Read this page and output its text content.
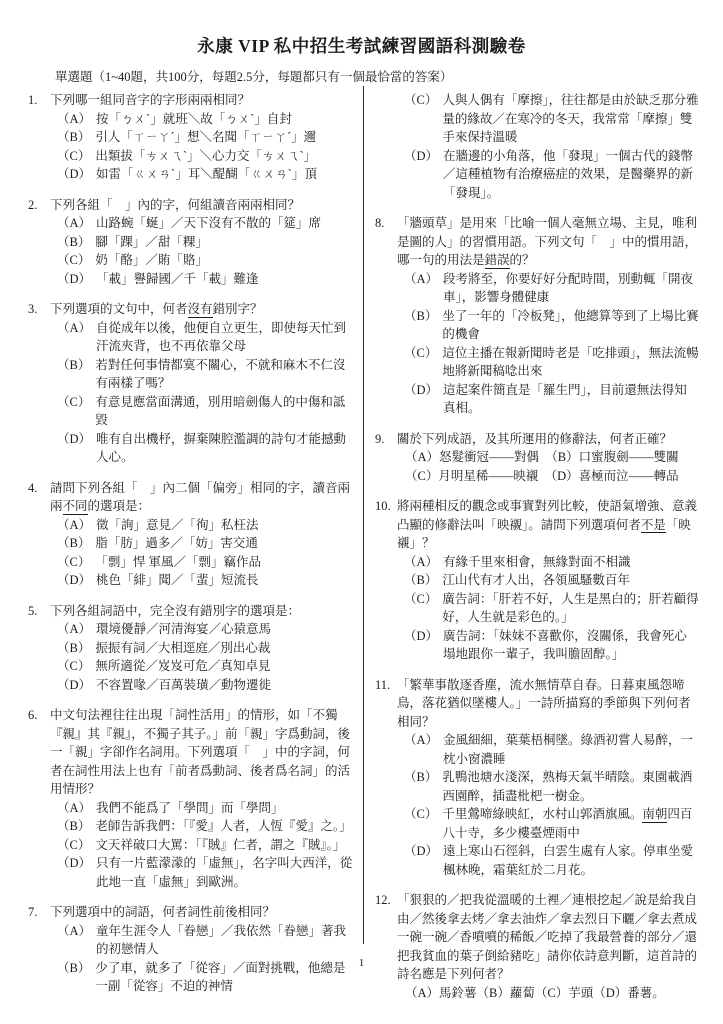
永康 VIP 私中招生考試練習國語科測驗卷
單選題（1~40題，共100分，每題2.5分，每題都只有一個最恰當的答案）
1.	下列哪一組同音字的字形兩兩相同？
（A） 按「ㄅㄨˋ」就班＼故「ㄅㄨˋ」自封
（B） 引人「ㄒㄧㄚˊ」想＼名聞「ㄒㄧㄚˊ」邇
（C） 出類拔「ㄘㄨㄟˋ」＼心力交「ㄘㄨㄟˋ」
（D） 如雷「ㄍㄨㄢˋ」耳＼醍醐「ㄍㄨㄢˋ」頂
2.	下列各組「　」內的字，何組讀音兩兩相同？
（A） 山路蜿「蜒」／天下沒有不散的「筵」席
（B） 腳「踝」／甜「粿」
（C） 奶「酪」／賄「賂」
（D） 「載」譽歸國／千「載」難逢
3.	下列選項的文句中，何者沒有錯別字？
（A） 自從成年以後，他便自立更生，即使每天忙到汗流夾背，也不再依靠父母
（B） 若對任何事情都寞不關心，不就和麻木不仁沒有兩樣了嗎？
（C） 有意見應當面溝通，別用暗劍傷人的中傷和詆毀
（D） 唯有自出機杼，摒棄陳腔濫調的詩句才能撼動人心。
4.	請問下列各組「　」內二個「偏旁」相同的字，讀音兩兩不同的選項是：
（A） 徵「詢」意見／「徇」私枉法
（B） 脂「肪」過多／「妨」害交通
（C） 「剽」悍 軍風／「剽」竊作品
（D） 桃色「緋」聞／「蜚」短流長
5.	下列各組詞語中，完全沒有錯別字的選項是：
（A） 環境優靜／河清海宴／心猿意馬
（B） 振振有詞／大相逕庭／別出心裁
（C） 無所適從／岌岌可危／真知卓見
（D） 不容置喙／百萬裝璜／動物遷徙
6.	中文句法裡往往出現「詞性活用」的情形，如「不獨『親』其『親』，不獨子其子。」前「親」字爲動詞，後一「親」字卻作名詞用。下列選項「　」中的字詞，何者在詞性用法上也有「前者爲動詞、後者爲名詞」的活用情形？
（A） 我們不能爲了「學問」而「學問」
（B） 老師告訴我們：「『愛』人者，人恆『愛』之。」
（C） 文天祥破口大罵：「『賊』仁者，謂之『賊』。」
（D） 只有一片藍濛濛的「虛無」，名字叫大西洋，從此地一直「虛無」到歐洲。
7.	下列選項中的詞語，何者詞性前後相同？
（A） 童年生涯令人「眷戀」／我依然「眷戀」著我的初戀情人
（B） 少了車，就多了「從容」／面對挑戰，他總是一副「從容」不迫的神情
（C） 人與人偶有「摩擦」，往往都是由於缺乏那分雅量的緣故／在寒冷的冬天，我常常「摩擦」雙手來保持溫暖
（D） 在牆邊的小角落，他「發現」一個古代的錢幣／這種植物有治療癌症的效果，是醫藥界的新「發現」。
8.	「牆頭草」是用來「比喻一個人毫無立場、主見，唯利是圖的人」的習慣用語。下列文句「　」中的慣用語，哪一句的用法是錯誤的？
（A） 段考將至，你要好好分配時間，別動輒「開夜車」，影響身體健康
（B） 坐了一年的「冷板凳」，他總算等到了上場比賽的機會
（C） 這位主播在報新聞時老是「吃排頭」，無法流暢地將新聞稿唸出來
（D） 這起案件簡直是「羅生門」，目前還無法得知真相。
9.	關於下列成語，及其所運用的修辭法，何者正確？
（A）怒髮衝冠——對偶　（B）口蜜腹劍——雙關
（C）月明星稀——映襯　（D）喜極而泣——轉品
10. 將兩種相反的觀念或事實對列比較，使語氣增強、意義凸顯的修辭法叫「映襯」。請問下列選項何者不是「映襯」？
（A） 有緣千里來相會，無緣對面不相識
（B） 江山代有才人出，各領風騷數百年
（C） 廣告詞：「肝若不好，人生是黑白的；肝若顧得好，人生就是彩色的。」
（D） 廣告詞：「妹妹不喜歡你，沒關係，我會死心塌地跟你一輩子，我叫膽固醇。」
11. 「繁華事散逐香塵，流水無情草自春。日暮東風怨啼鳥，落花猶似墜樓人。」一詩所描寫的季節與下列何者相同？
（A） 金風細細，葉葉梧桐墜。綠酒初嘗人易醉，一枕小窗濃睡
（B） 乳鴨池塘水淺深，熟梅天氣半晴陰。東園載酒西園醉，插盡枇杷一樹金。
（C） 千里鶯啼綠映紅，水村山郭酒旗風。南朝四百八十寺，多少樓臺煙雨中
（D） 遠上寒山石徑斜，白雲生處有人家。停車坐愛楓林晚，霜葉紅於二月花。
12. 「狠狠的／把我從溫暖的土裡／連根挖起／說是給我自由／然後拿去烤／拿去油炸／拿去烈日下曬／拿去煮成一碗一碗／香噴噴的稀飯／吃掉了我最營養的部分／還把我貧血的葉子倒給豬吃」請你依詩意判斷，這首詩的詩名應是下列何者？
（A）馬鈴薯（B）蘿蔔（C）芋頭（D）番薯。
1
